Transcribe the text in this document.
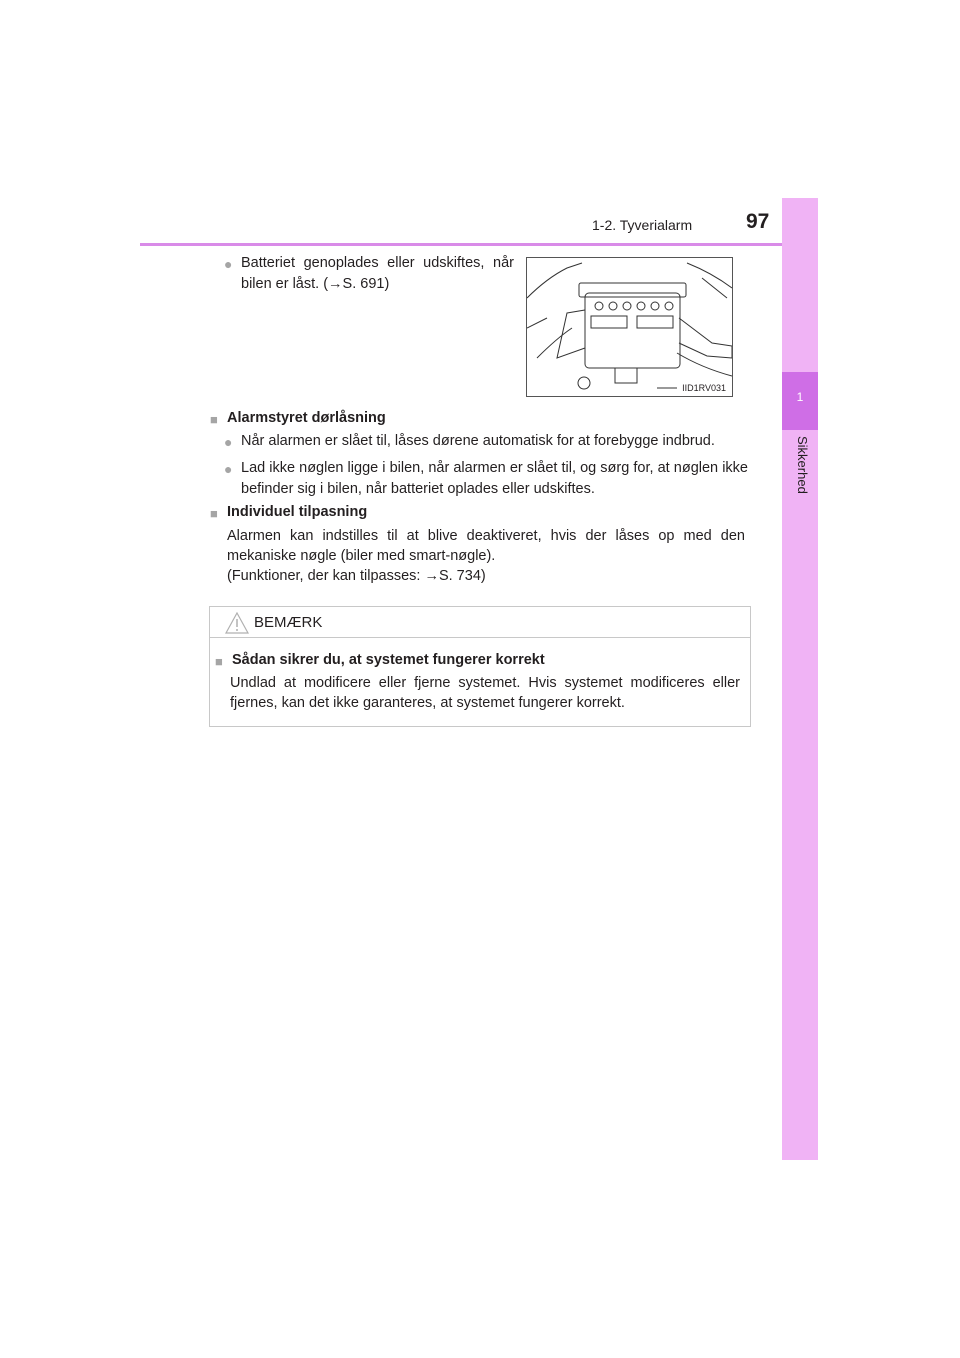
1-2. Tyverialarm	97
1
Sikkerhed
● Batteriet genoplades eller udskiftes, når
bilen er låst. (→S. 691)
IID1RV031
■ Alarmstyret dørlåsning
● Når alarmen er slået til, låses dørene automatisk for at forebygge indbrud.
● Lad ikke nøglen ligge i bilen, når alarmen er slået til, og sørg for, at nøglen ikke befinder sig i bilen, når batteriet oplades eller udskiftes.
■ Individuel tilpasning
Alarmen kan indstilles til at blive deaktiveret, hvis der låses op med den
mekaniske nøgle (biler med smart-nøgle).
(Funktioner, der kan tilpasses: →S. 734)
BEMÆRK
■ Sådan sikrer du, at systemet fungerer korrekt
Undlad at modificere eller fjerne systemet. Hvis systemet modificeres eller
fjernes, kan det ikke garanteres, at systemet fungerer korrekt.
